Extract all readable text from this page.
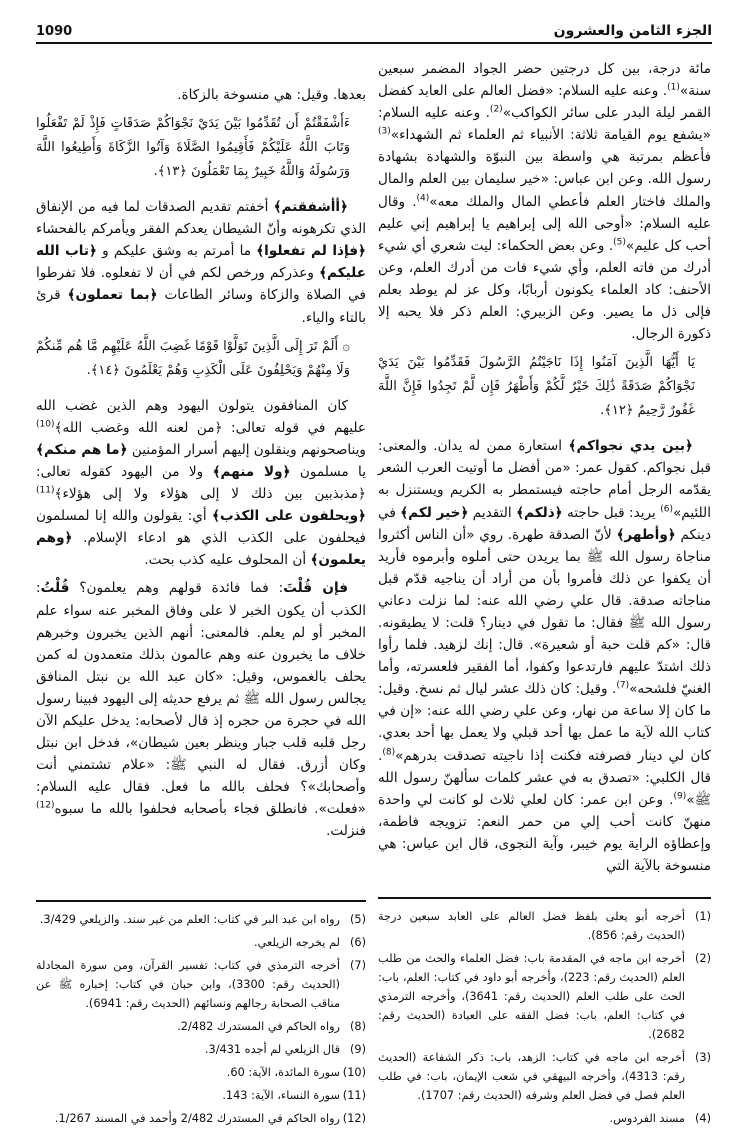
الجزء الثامن والعشرون
1090

مائة درجة، بين كل درجتين حضر الجواد المضمر سبعين سنة»$^{(1)}$. وعنه عليه السلام: «فضل العالم على العابد كفضل القمر ليلة البدر على سائر الكواكب»$^{(2)}$. وعنه عليه السلام: «يشفع يوم القيامة ثلاثة: الأنبياء ثم العلماء ثم الشهداء»$^{(3)}$ فأعظم بمرتبة هي واسطة بين النبوّة والشهادة بشهادة رسول الله. وعن ابن عباس: «خير سليمان بين العلم والمال والملك فاختار العلم فأعطي المال والملك معه»$^{(4)}$. وقال عليه السلام: «أوحى الله إلى إبراهيم يا إبراهيم إني عليم أحب كل عليم»$^{(5)}$. وعن بعض الحكماء: ليت شعري أي شيء أدرك من فاته العلم، وأي شيء فات من أدرك العلم، وعن الأحنف: كاد العلماء يكونون أربابًا، وكل عز لم يوطد بعلم فإلى ذل ما يصير. وعن الزبيري: العلم ذكر فلا يحبه إلا ذكورة الرجال.

يَا أَيُّهَا الَّذِينَ آمَنُوا إِذَا نَاجَيْتُمُ الرَّسُولَ فَقَدِّمُوا بَيْنَ يَدَيْ نَجْوَاكُمْ صَدَقَةً ذَٰلِكَ خَيْرٌ لَّكُمْ وَأَطْهَرُ فَإِن لَّمْ تَجِدُوا فَإِنَّ اللَّهَ غَفُورٌ رَّحِيمٌ ﴿١٢﴾.

﴿بين يدي نجواكم﴾ استعارة ممن له يدان. والمعنى: قبل نجواكم. كقول عمر: «من أفضل ما أوتيت العرب الشعر يقدّمه الرجل أمام حاجته فيستمطر به الكريم ويستنزل به اللئيم»$^{(6)}$ يريد: قبل حاجته ﴿ذلكم﴾ التقديم ﴿خير لكم﴾ في دينكم ﴿وأطهر﴾ لأنّ الصدقة طهرة. روي «أن الناس أكثروا مناجاة رسول الله ﷺ بما يريدن حتى أملوه وأبرموه فأريد أن يكفوا عن ذلك فأمروا بأن من أراد أن يناجيه قدّم قبل مناجاته صدقة. قال علي رضي الله عنه: لما نزلت دعاني رسول الله ﷺ فقال: ما تقول في دينار؟ قلت: لا يطيقونه. قال: «كم قلت حبة أو شعيرة». قال: إنك لزهيد. فلما رأوا ذلك اشتدّ عليهم فارتدعوا وكفوا، أما الفقير فلعسرته، وأما الغنيّ فلشحه»$^{(7)}$. وقيل: كان ذلك عشر ليال ثم نسخ. وقيل: ما كان إلا ساعة من نهار، وعن علي رضي الله عنه: «إن في كتاب الله لآية ما عمل بها أحد قبلي ولا يعمل بها أحد بعدي. كان لي دينار فصرفته فكنت إذا ناجيته تصدقت بدرهم»$^{(8)}$. قال الكلبي: «تصدق به في عشر كلمات سألهنّ رسول الله ﷺ»$^{(9)}$. وعن ابن عمر: كان لعلي ثلاث لو كانت لي واحدة منهنّ كانت أحب إلي من حمر النعم: تزويجه فاطمة، وإعطاؤه الراية يوم خيبر، وآية النجوى، قال ابن عباس: هي منسوخة بالآية التي

(1)
أخرجه أبو يعلى بلفظ فضل العالم على العابد سبعين درجة (الحديث رقم: 856).
(2)
أخرجه ابن ماجه في المقدمة باب: فضل العلماء والحث من طلب العلم (الحديث رقم: 223)، وأخرجه أبو داود في كتاب: العلم، باب: الحث على طلب العلم (الحديث رقم: 3641)، وأخرجه الترمذي في كتاب: العلم، باب: فضل الفقه على العبادة (الحديث رقم: 2682).
(3)
أخرجه ابن ماجه في كتاب: الزهد، باب: ذكر الشفاعة (الحديث رقم: 4313)، وأخرجه البيهقي في شعب الإيمان، باب: في طلب العلم فصل في فضل العلم وشرفه (الحديث رقم: 1707).
(4)
مسند الفردوس.

بعدها. وقيل: هي منسوخة بالزكاة.

ءَأَشْفَقْتُمْ أَن تُقَدِّمُوا بَيْنَ يَدَيْ نَجْوَاكُمْ صَدَقَاتٍ فَإِذْ لَمْ تَفْعَلُوا وَتَابَ اللَّهُ عَلَيْكُمْ فَأَقِيمُوا الصَّلَاةَ وَآتُوا الزَّكَاةَ وَأَطِيعُوا اللَّهَ وَرَسُولَهُ وَاللَّهُ خَبِيرٌ بِمَا تَعْمَلُونَ ﴿١٣﴾.

﴿أأشفقتم﴾ أخفتم تقديم الصدقات لما فيه من الإنفاق الذي تكرهونه وأنّ الشيطان يعدكم الفقر ويأمركم بالفحشاء ﴿فإذا لم تفعلوا﴾ ما أمرتم به وشق عليكم و ﴿تاب الله عليكم﴾ وعذركم ورخص لكم في أن لا تفعلوه. فلا تفرطوا في الصلاة والزكاة وسائر الطاعات ﴿بما تعملون﴾ قرئ بالتاء والياء.

۞ أَلَمْ تَرَ إِلَى الَّذِينَ تَوَلَّوْا قَوْمًا غَضِبَ اللَّهُ عَلَيْهِم مَّا هُم مِّنكُمْ وَلَا مِنْهُمْ وَيَحْلِفُونَ عَلَى الْكَذِبِ وَهُمْ يَعْلَمُونَ ﴿١٤﴾.

كان المنافقون يتولون اليهود وهم الذين غضب الله عليهم في قوله تعالى: ﴿من لعنه الله وغضب الله﴾$^{(10)}$ ويناصحونهم وينقلون إليهم أسرار المؤمنين ﴿ما هم منكم﴾ يا مسلمون ﴿ولا منهم﴾ ولا من اليهود كقوله تعالى: ﴿مذبذبين بين ذلك لا إلى هؤلاء ولا إلى هؤلاء﴾$^{(11)}$ ﴿ويحلفون على الكذب﴾ أي: يقولون والله إنا لمسلمون فيحلفون على الكذب الذي هو ادعاء الإسلام. ﴿وهم يعلمون﴾ أن المحلوف عليه كذب بحت.

فإن قُلْتَ: فما فائدة قولهم وهم يعلمون؟ قُلْتُ: الكذب أن يكون الخبر لا على وفاق المخبر عنه سواء علم المخبر أو لم يعلم. فالمعنى: أنهم الذين يخبرون وخبرهم خلاف ما يخبرون عنه وهم عالمون بذلك متعمدون له كمن يحلف بالغموس، وقيل: «كان عبد الله بن نبتل المنافق يجالس رسول الله ﷺ ثم يرفع حديثه إلى اليهود فبينا رسول الله في حجرة من حجره إذ قال لأصحابه: يدخل عليكم الآن رجل قلبه قلب جبار وينظر بعين شيطان»، فدخل ابن نبتل وكان أزرق. فقال له النبي ﷺ: «علام تشتمني أنت وأصحابك»؟ فحلف بالله ما فعل. فقال عليه السلام: «فعلت». فانطلق فجاء بأصحابه فحلفوا بالله ما سبوه$^{(12)}$ فنزلت.

(5)
رواه ابن عبد البر في كتاب: العلم من غير سند. والزيلعي 3/429.
(6)
لم يخرجه الزيلعي.
(7)
أخرجه الترمذي في كتاب: تفسير القرآن، ومن سورة المجادلة (الحديث رقم: 3300)، وابن حبان في كتاب: إخباره ﷺ عن مناقب الصحابة رجالهم ونسائهم (الحديث رقم: 6941).
(8)
رواه الحاكم في المستدرك 2/482.
(9)
قال الزيلعي لم أجده 3/431.
(10)
سورة المائدة، الآية: 60.
(11)
سورة النساء، الآية: 143.
(12)
رواه الحاكم في المستدرك 2/482 وأحمد في المسند 1/267.
